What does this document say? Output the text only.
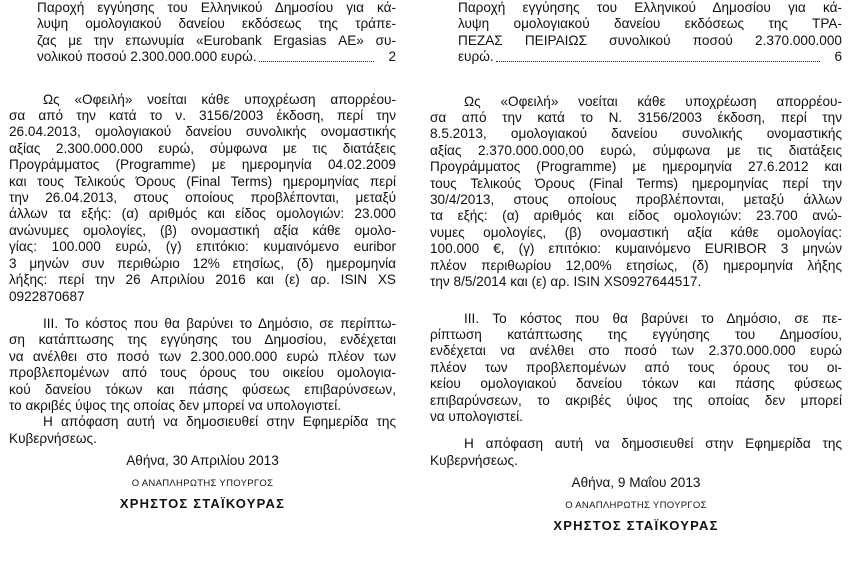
Παροχή εγγύησης του Ελληνικού Δημοσίου για κά-
λυψη ομολογιακού δανείου εκδόσεως της τράπε-
ζας με την επωνυμία «Eurobank Ergasias ΑΕ» συ-
νολικού ποσού 2.300.000.000 ευρώ.	2
Ως «Οφειλή» νοείται κάθε υποχρέωση απορρέου-
σα από την κατά το ν. 3156/2003 έκδοση, περί την
26.04.2013, ομολογιακού δανείου συνολικής ονομαστικής
αξίας 2.300.000.000 ευρώ, σύμφωνα με τις διατάξεις
Προγράμματος (Programme) με ημερομηνία 04.02.2009
και τους Τελικούς Όρους (Final Terms) ημερομηνίας περί
την 26.04.2013, στους οποίους προβλέπονται, μεταξύ
άλλων τα εξής: (α) αριθμός και είδος ομολογιών: 23.000
ανώνυμες ομολογίες, (β) ονομαστική αξία κάθε ομολο-
γίας: 100.000 ευρώ, (γ) επιτόκιο: κυμαινόμενο euribor
3 μηνών συν περιθώριο 12% ετησίως, (δ) ημερομηνία
λήξης: περί την 26 Απριλίου 2016 και (ε) αρ. ISIN XS
0922870687
III. Το κόστος που θα βαρύνει το Δημόσιο, σε περίπτω-
ση κατάπτωσης της εγγύησης του Δημοσίου, ενδέχεται
να ανέλθει στο ποσό των 2.300.000.000 ευρώ πλέον των
προβλεπομένων από τους όρους του οικείου ομολογια-
κού δανείου τόκων και πάσης φύσεως επιβαρύνσεων,
το ακριβές ύψος της οποίας δεν μπορεί να υπολογιστεί.
Η απόφαση αυτή να δημοσιευθεί στην Εφημερίδα της
Κυβερνήσεως.
Αθήνα, 30 Απριλίου 2013
Ο ΑΝΑΠΛΗΡΩΤΗΣ ΥΠΟΥΡΓΟΣ
ΧΡΗΣΤΟΣ ΣΤΑΪΚΟΥΡΑΣ
Παροχή εγγύησης του Ελληνικού Δημοσίου για κά-
λυψη ομολογιακού δανείου εκδόσεως της ΤΡΑ-
ΠΕΖΑΣ ΠΕΙΡΑΙΩΣ συνολικού ποσού 2.370.000.000
ευρώ.	6
Ως «Οφειλή» νοείται κάθε υποχρέωση απορρέου-
σα από την κατά το Ν. 3156/2003 έκδοση, περί την
8.5.2013, ομολογιακού δανείου συνολικής ονομαστικής
αξίας 2.370.000.000,00 ευρώ, σύμφωνα με τις διατάξεις
Προγράμματος (Programme) με ημερομηνία 27.6.2012 και
τους Τελικούς Όρους (Final Terms) ημερομηνίας περί την
30/4/2013, στους οποίους προβλέπονται, μεταξύ άλλων
τα εξής: (α) αριθμός και είδος ομολογιών: 23.700 ανώ-
νυμες ομολογίες, (β) ονομαστική αξία κάθε ομολογίας:
100.000 €, (γ) επιτόκιο: κυμαινόμενο EURIBOR 3 μηνών
πλέον περιθωρίου 12,00% ετησίως, (δ) ημερομηνία λήξης
την 8/5/2014 και (ε) αρ. ISIN XS0927644517.
III. Το κόστος που θα βαρύνει το Δημόσιο, σε πε-
ρίπτωση κατάπτωσης της εγγύησης του Δημοσίου,
ενδέχεται να ανέλθει στο ποσό των 2.370.000.000 ευρώ
πλέον των προβλεπομένων από τους όρους του οι-
κείου ομολογιακού δανείου τόκων και πάσης φύσεως
επιβαρύνσεων, το ακριβές ύψος της οποίας δεν μπορεί
να υπολογιστεί.
Η απόφαση αυτή να δημοσιευθεί στην Εφημερίδα της
Κυβερνήσεως.
Αθήνα, 9 Μαΐου 2013
Ο ΑΝΑΠΛΗΡΩΤΗΣ ΥΠΟΥΡΓΟΣ
ΧΡΗΣΤΟΣ ΣΤΑΪΚΟΥΡΑΣ
